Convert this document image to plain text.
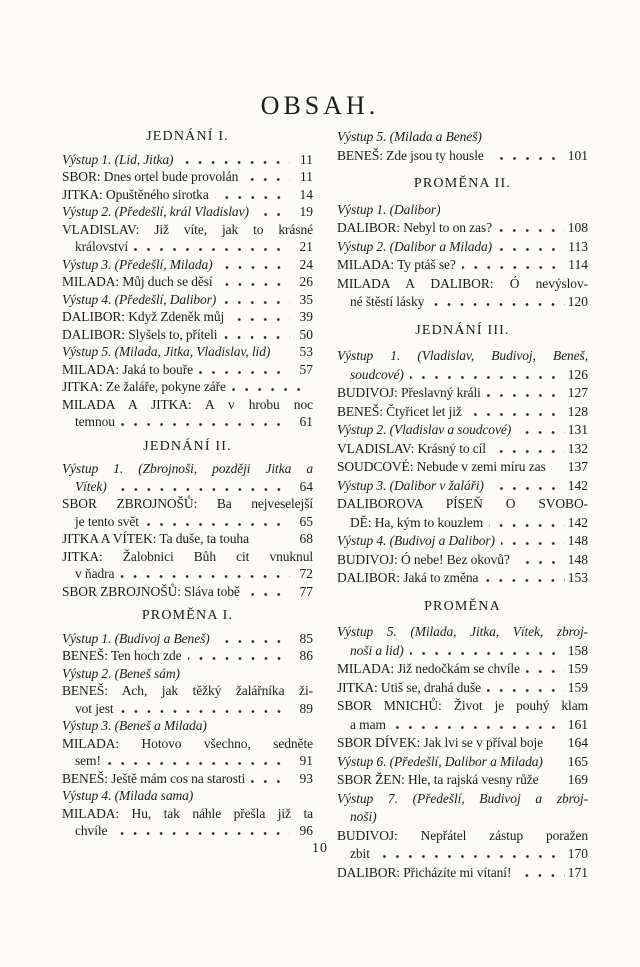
OBSAH.
JEDNÁNÍ I.
Výstup 1. (Lid, Jitka)	11
SBOR: Dnes ortel bude provolán	11
JITKA: Opuštěného sirotka	14
Výstup 2. (Předešlí, král Vladislav)	19
VLADISLAV: Již víte, jak to krásné
království	21
Výstup 3. (Předešlí, Milada)	24
MILADA: Můj duch se děsí	26
Výstup 4. (Předešlí, Dalibor)	35
DALIBOR: Když Zdeněk můj	39
DALIBOR: Slyšels to, příteli	50
Výstup 5. (Milada, Jitka, Vladislav, lid)	53
MILADA: Jaká to bouře	57
JITKA: Ze žaláře, pokyne záře
MILADA A JITKA: A v hrobu noc
temnou	61
JEDNÁNÍ II.
Výstup 1. (Zbrojnoši, později Jitka a
Vítek)	64
SBOR ZBROJNOŠŮ: Ba nejveselejší
je tento svět	65
JITKA A VÍTEK: Ta duše, ta touha	68
JITKA: Žalobnici Bůh cit vnuknul
v ňadra	72
SBOR ZBROJNOŠŮ: Sláva tobě	77
PROMĚNA I.
Výstup 1. (Budivoj a Beneš)	85
BENEŠ: Ten hoch zde	86
Výstup 2. (Beneš sám)
BENEŠ: Ach, jak těžký žalářníka ži-
vot jest	89
Výstup 3. (Beneš a Milada)
MILADA: Hotovo všechno, sedněte
sem!	91
BENEŠ: Ještě mám cos na starosti	93
Výstup 4. (Milada sama)
MILADA: Hu, tak náhle přešla již ta
chvíle	96
Výstup 5. (Milada a Beneš)
BENEŠ: Zde jsou ty housle	101
PROMĚNA II.
Výstup 1. (Dalibor)
DALIBOR: Nebyl to on zas?	108
Výstup 2. (Dalibor a Milada)	113
MILADA: Ty ptáš se?	114
MILADA A DALIBOR: Ó nevýslov-
né štěstí lásky	120
JEDNÁNÍ III.
Výstup 1. (Vladislav, Budivoj, Beneš,
soudcové)	126
BUDIVOJ: Přeslavný králi	127
BENEŠ: Čtyřicet let již	128
Výstup 2. (Vladislav a soudcové)	131
VLADISLAV: Krásný to cíl	132
SOUDCOVÉ: Nebude v zemi míru zas 137
Výstup 3. (Dalibor v žaláři)	142
DALIBOROVA PÍSEŇ O SVOBO-
DĚ: Ha, kým to kouzlem	142
Výstup 4. (Budivoj a Dalibor)	148
BUDIVOJ: Ó nebe! Bez okovů?	148
DALIBOR: Jaká to změna	153
PROMĚNA
Výstup 5. (Milada, Jitka, Vítek, zbroj-
noši a lid)	158
MILADA: Již nedočkám se chvíle	159
JITKA: Utiš se, drahá duše	159
SBOR MNICHŮ: Život je pouhý klam
a mam	161
SBOR DÍVEK: Jak lvi se v příval boje 164
Výstup 6. (Předešlí, Dalibor a Milada) 165
SBOR ŽEN: Hle, ta rajská vesny růže 169
Výstup 7. (Předešlí, Budivoj a zbroj-
noši)
BUDIVOJ: Nepřátel zástup poražen
zbit	170
DALIBOR: Přicházíte mi vítaní!	171
10
